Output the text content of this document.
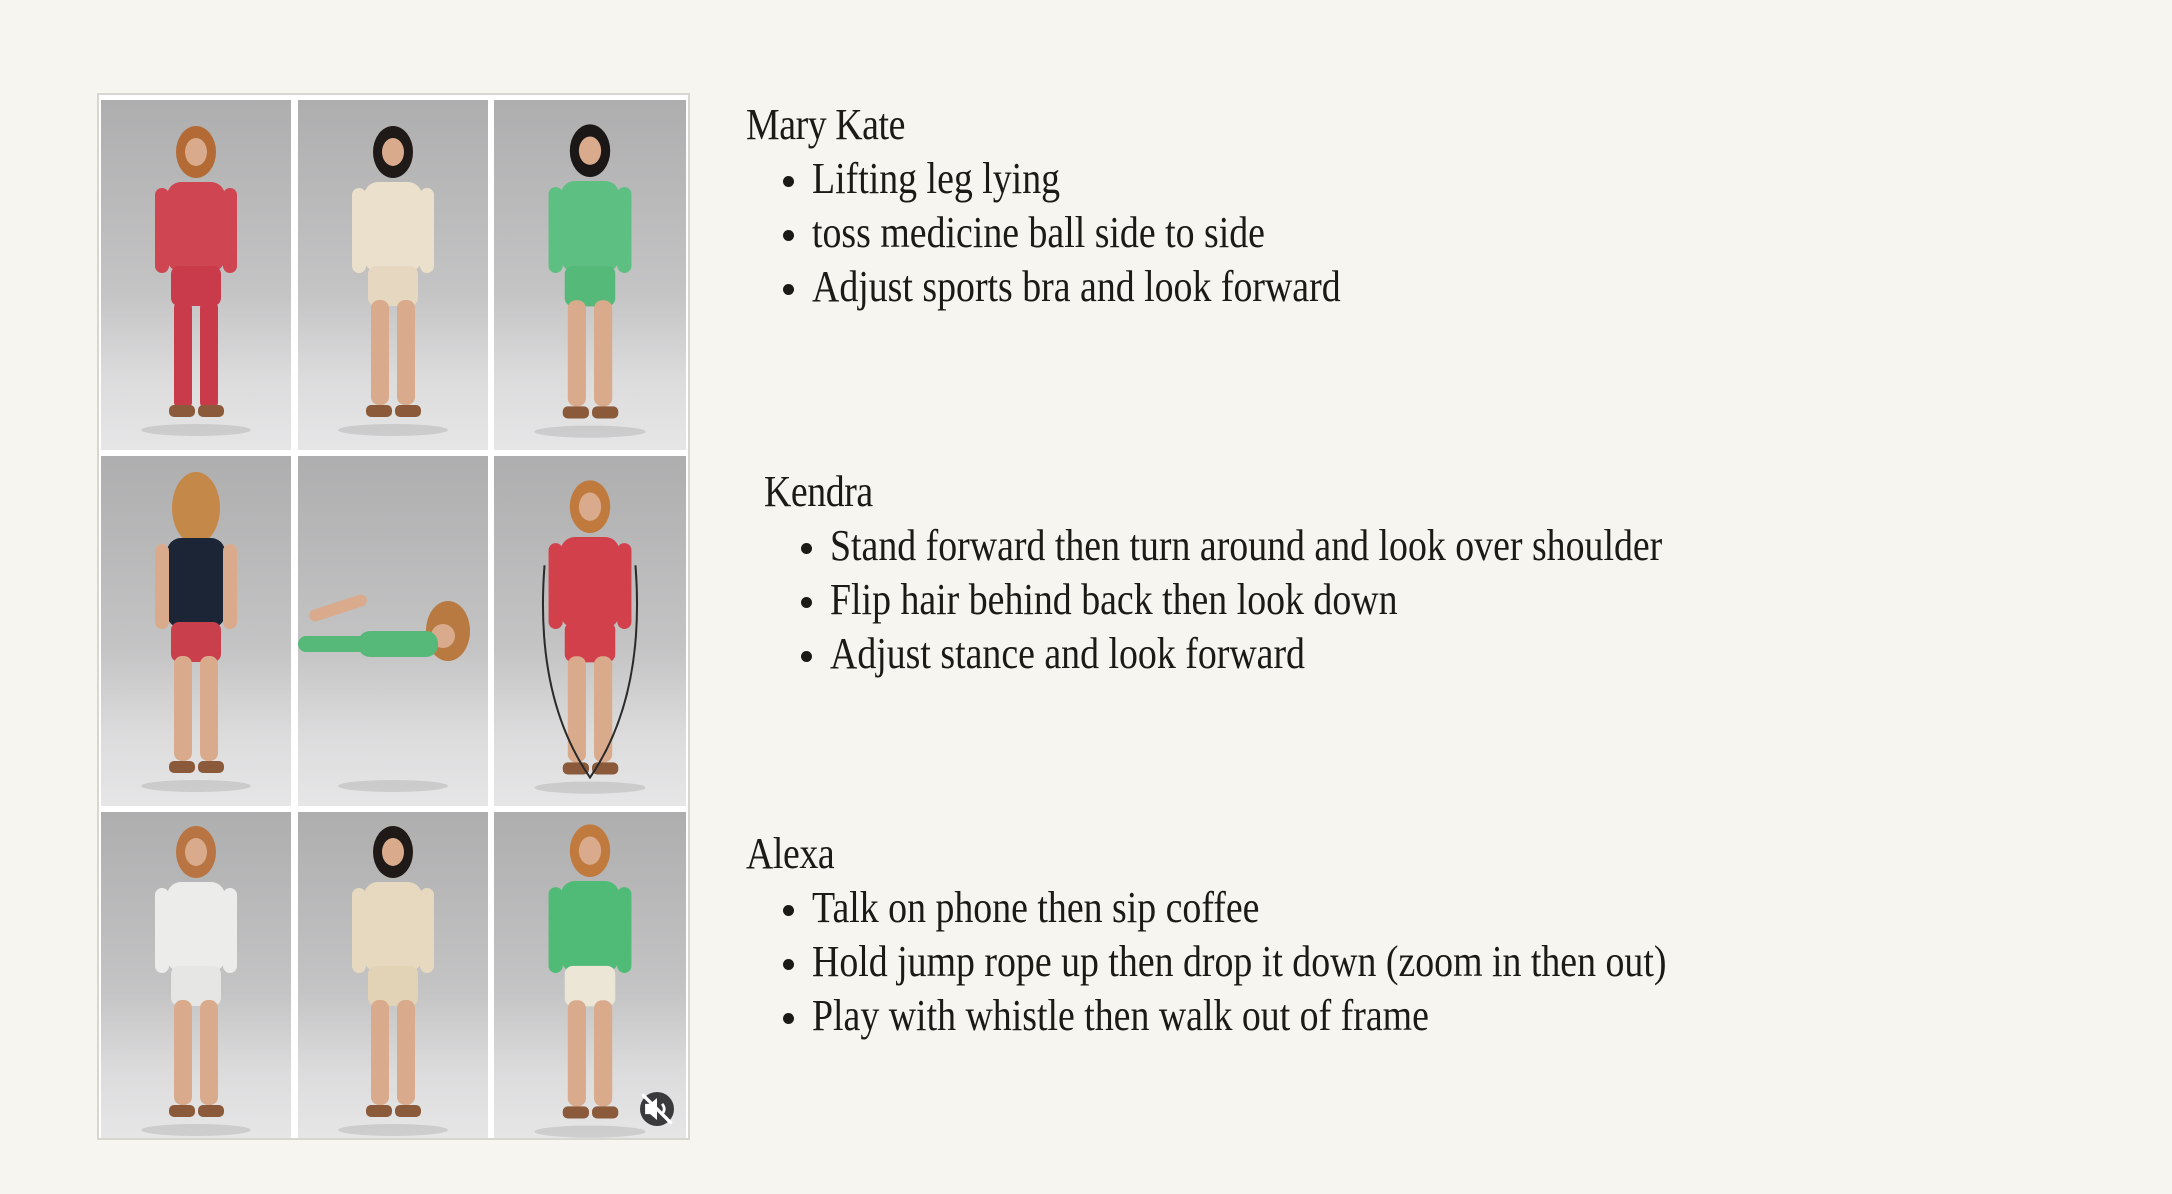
Mary Kate
Lifting leg lying
toss medicine ball side to side
Adjust sports bra and look forward
Kendra
Stand forward then turn around and look over shoulder
Flip hair behind back then look down
Adjust stance and look forward
Alexa
Talk on phone then sip coffee
Hold jump rope up then drop it down (zoom in then out)
Play with whistle then walk out of frame
